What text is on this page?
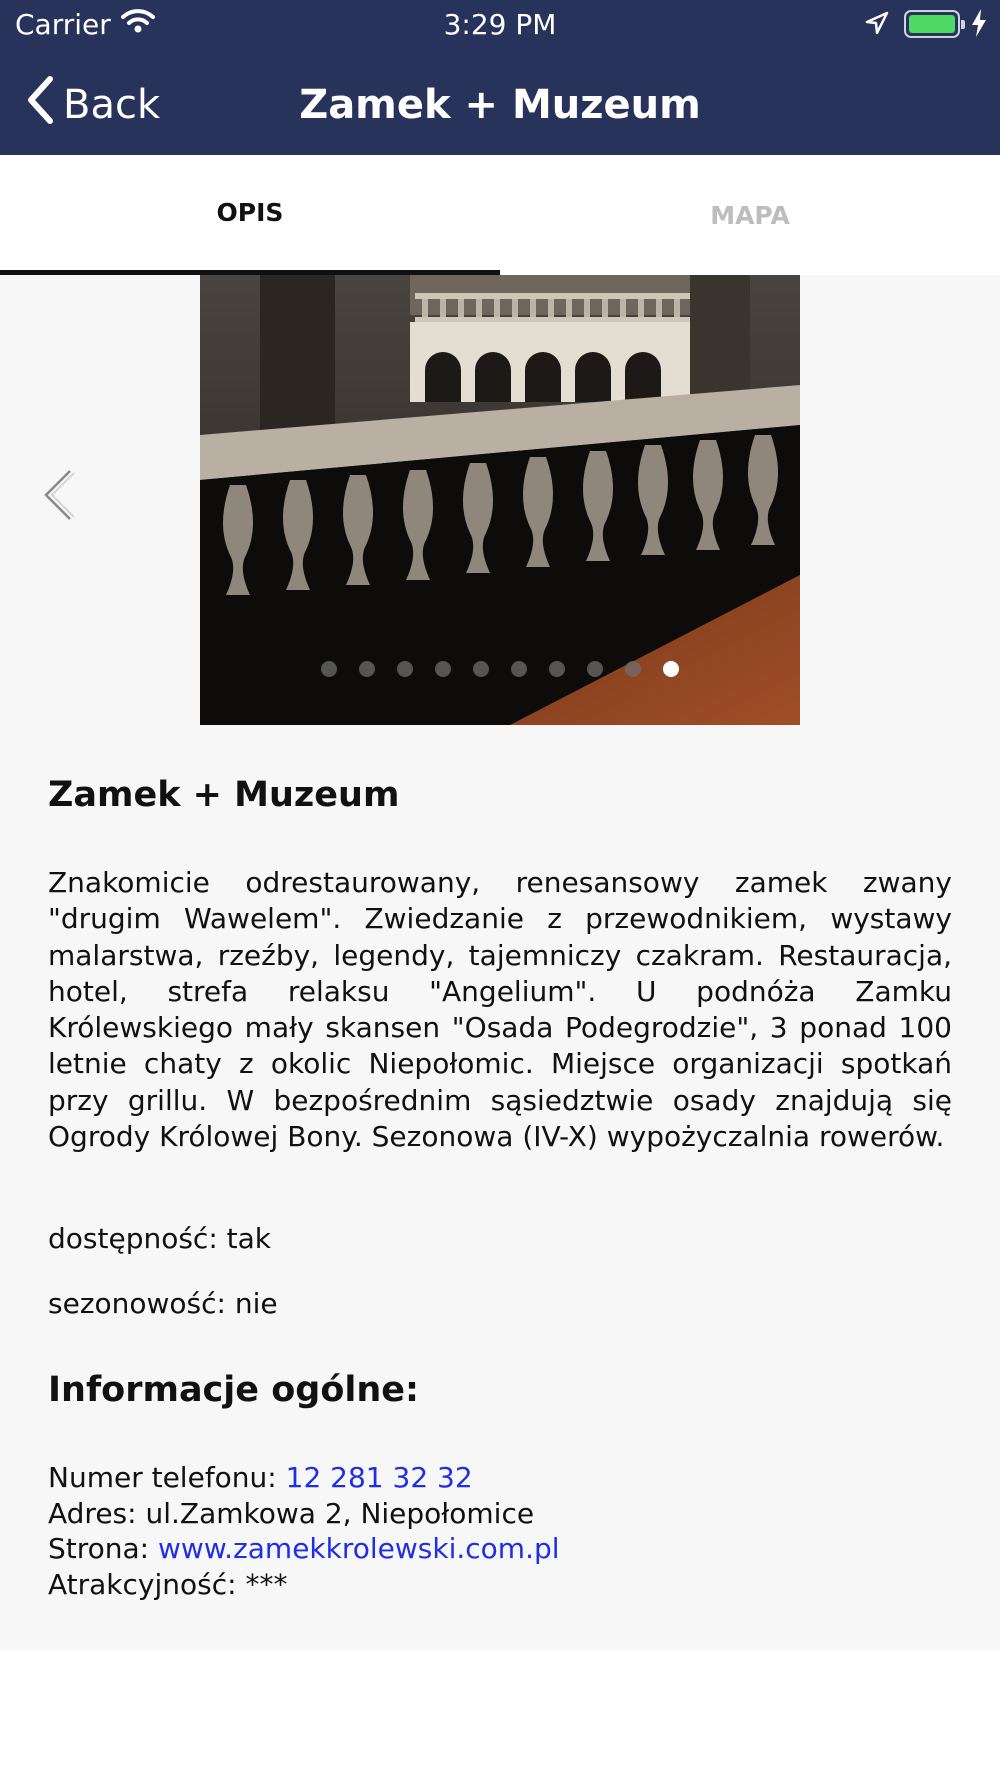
Carrier	3:29 PM
Back	Zamek + Muzeum
OPIS	MAPA
Zamek + Muzeum
Znakomicie odrestaurowany, renesansowy zamek zwany "drugim Wawelem". Zwiedzanie z przewodnikiem, wystawy malarstwa, rzeźby, legendy, tajemniczy czakram. Restauracja, hotel, strefa relaksu "Angelium". U podnóża Zamku Królewskiego mały skansen "Osada Podegrodzie", 3 ponad 100 letnie chaty z okolic Niepołomic. Miejsce organizacji spotkań przy grillu. W bezpośrednim sąsiedztwie osady znajdują się Ogrody Królowej Bony. Sezonowa (IV-X) wypożyczalnia rowerów.
dostępność: tak
sezonowość: nie
Informacje ogólne:
Numer telefonu: 12 281 32 32
Adres: ul.Zamkowa 2, Niepołomice
Strona: www.zamekkrolewski.com.pl
Atrakcyjność: ***
